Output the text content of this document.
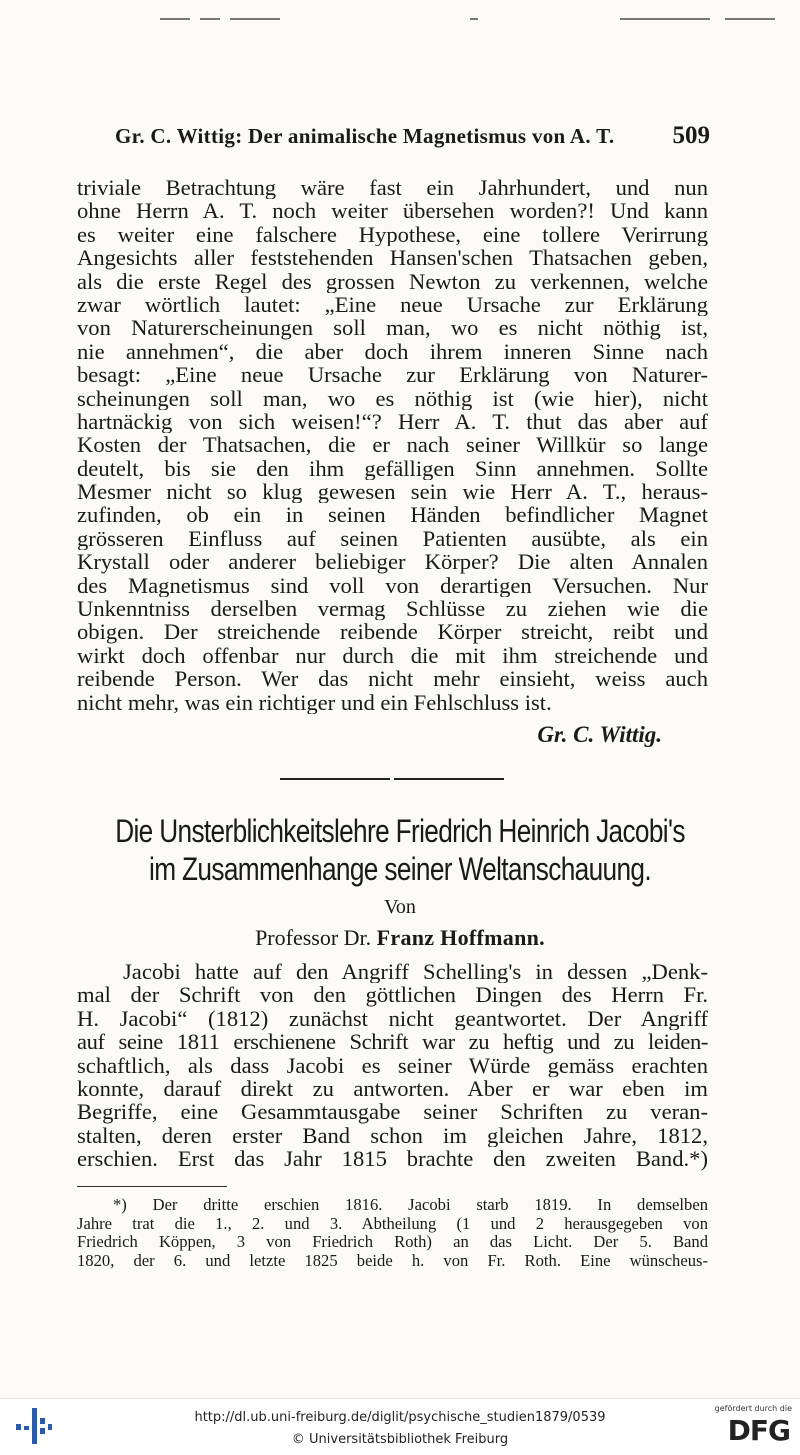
Gr. C. Wittig: Der animalische Magnetismus von A. T. 509
triviale Betrachtung wäre fast ein Jahrhundert, und nun
ohne Herrn A. T. noch weiter übersehen worden?! Und kann
es weiter eine falschere Hypothese, eine tollere Verirrung
Angesichts aller feststehenden Hansen'schen Thatsachen geben,
als die erste Regel des grossen Newton zu verkennen, welche
zwar wörtlich lautet: „Eine neue Ursache zur Erklärung
von Naturerscheinungen soll man, wo es nicht nöthig ist,
nie annehmen“, die aber doch ihrem inneren Sinne nach
besagt: „Eine neue Ursache zur Erklärung von Naturer-
scheinungen soll man, wo es nöthig ist (wie hier), nicht
hartnäckig von sich weisen!“? Herr A. T. thut das aber auf
Kosten der Thatsachen, die er nach seiner Willkür so lange
deutelt, bis sie den ihm gefälligen Sinn annehmen. Sollte
Mesmer nicht so klug gewesen sein wie Herr A. T., heraus-
zufinden, ob ein in seinen Händen befindlicher Magnet
grösseren Einfluss auf seinen Patienten ausübte, als ein
Krystall oder anderer beliebiger Körper? Die alten Annalen
des Magnetismus sind voll von derartigen Versuchen. Nur
Unkenntniss derselben vermag Schlüsse zu ziehen wie die
obigen. Der streichende reibende Körper streicht, reibt und
wirkt doch offenbar nur durch die mit ihm streichende und
reibende Person. Wer das nicht mehr einsieht, weiss auch
nicht mehr, was ein richtiger und ein Fehlschluss ist.
Gr. C. Wittig.
Die Unsterblichkeitslehre Friedrich Heinrich Jacobi's
im Zusammenhange seiner Weltanschauung.
Von
Professor Dr. Franz Hoffmann.
Jacobi hatte auf den Angriff Schelling's in dessen „Denk-
mal der Schrift von den göttlichen Dingen des Herrn Fr.
H. Jacobi“ (1812) zunächst nicht geantwortet. Der Angriff
auf seine 1811 erschienene Schrift war zu heftig und zu leiden-
schaftlich, als dass Jacobi es seiner Würde gemäss erachten
konnte, darauf direkt zu antworten. Aber er war eben im
Begriffe, eine Gesammtausgabe seiner Schriften zu veran-
stalten, deren erster Band schon im gleichen Jahre, 1812,
erschien. Erst das Jahr 1815 brachte den zweiten Band.*)
*) Der dritte erschien 1816. Jacobi starb 1819. In demselben
Jahre trat die 1., 2. und 3. Abtheilung (1 und 2 herausgegeben von
Friedrich Köppen, 3 von Friedrich Roth) an das Licht. Der 5. Band
1820, der 6. und letzte 1825 beide h. von Fr. Roth. Eine wünscheus-
http://dl.ub.uni-freiburg.de/diglit/psychische_studien1879/0539
© Universitätsbibliothek Freiburg
gefördert durch die
DFG
